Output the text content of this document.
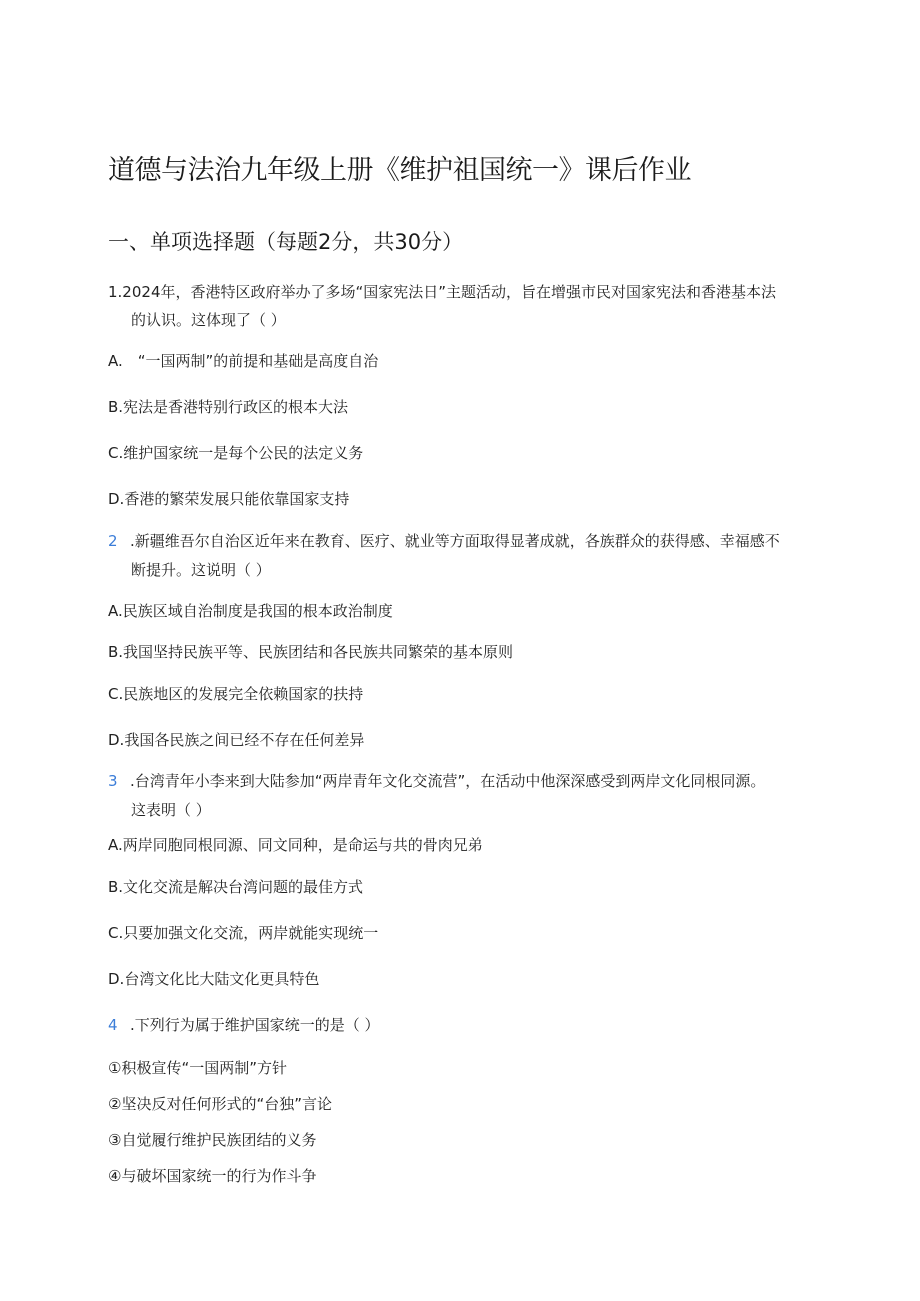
道德与法治九年级上册《维护祖国统一》课后作业
一、单项选择题（每题2分，共30分）
1.2024年，香港特区政府举办了多场“国家宪法日”主题活动，旨在增强市民对国家宪法和香港基本法
的认识。这体现了（ ）
A.　“一国两制”的前提和基础是高度自治
B.宪法是香港特别行政区的根本大法
C.维护国家统一是每个公民的法定义务
D.香港的繁荣发展只能依靠国家支持
2 .新疆维吾尔自治区近年来在教育、医疗、就业等方面取得显著成就，各族群众的获得感、幸福感不
断提升。这说明（ ）
A.民族区域自治制度是我国的根本政治制度
B.我国坚持民族平等、民族团结和各民族共同繁荣的基本原则
C.民族地区的发展完全依赖国家的扶持
D.我国各民族之间已经不存在任何差异
3 .台湾青年小李来到大陆参加“两岸青年文化交流营”，在活动中他深深感受到两岸文化同根同源。
这表明（ ）
A.两岸同胞同根同源、同文同种，是命运与共的骨肉兄弟
B.文化交流是解决台湾问题的最佳方式
C.只要加强文化交流，两岸就能实现统一
D.台湾文化比大陆文化更具特色
4 .下列行为属于维护国家统一的是（ ）
①积极宣传“一国两制”方针
②坚决反对任何形式的“台独”言论
③自觉履行维护民族团结的义务
④与破坏国家统一的行为作斗争
